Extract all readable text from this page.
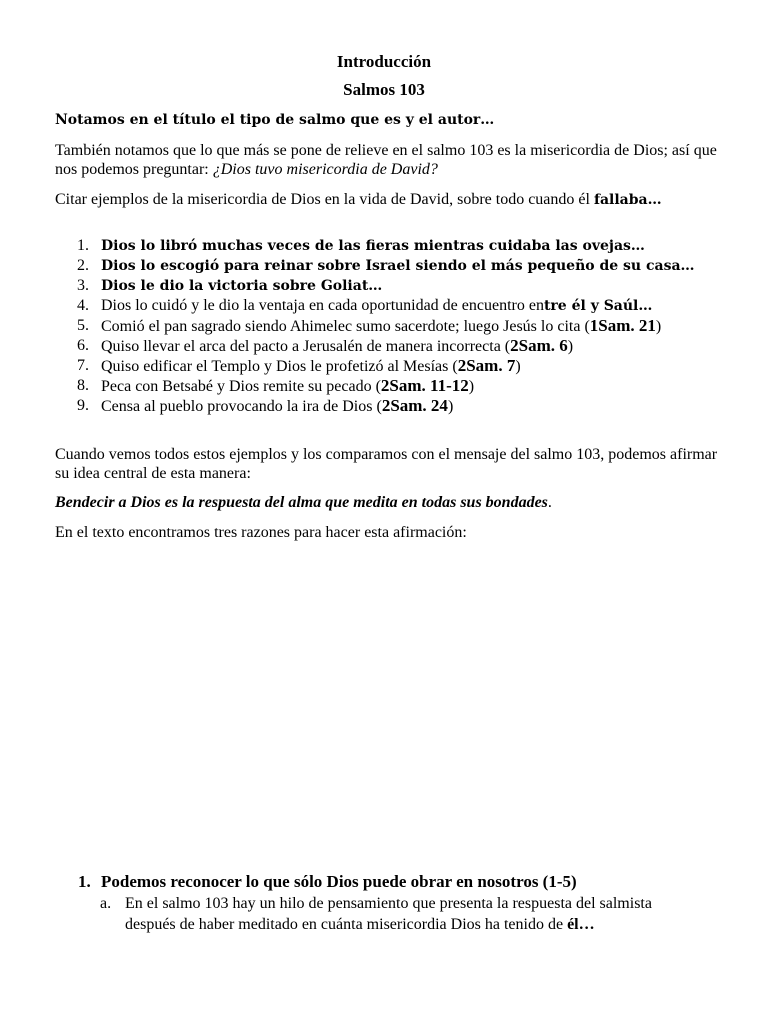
Introducción
Salmos 103
Notamos en el título el tipo de salmo que es y el autor…
También notamos que lo que más se pone de relieve en el salmo 103 es la misericordia de Dios; así que nos podemos preguntar: ¿Dios tuvo misericordia de David?
Citar ejemplos de la misericordia de Dios en la vida de David, sobre todo cuando él fallaba…
1. Dios lo libró muchas veces de las fieras mientras cuidaba las ovejas…
2. Dios lo escogió para reinar sobre Israel siendo el más pequeño de su casa…
3. Dios le dio la victoria sobre Goliat…
4. Dios lo cuidó y le dio la ventaja en cada oportunidad de encuentro entre él y Saúl…
5. Comió el pan sagrado siendo Ahimelec sumo sacerdote; luego Jesús lo cita (1Sam. 21)
6. Quiso llevar el arca del pacto a Jerusalén de manera incorrecta (2Sam. 6)
7. Quiso edificar el Templo y Dios le profetizó al Mesías (2Sam. 7)
8. Peca con Betsabé y Dios remite su pecado (2Sam. 11-12)
9. Censa al pueblo provocando la ira de Dios (2Sam. 24)
Cuando vemos todos estos ejemplos y los comparamos con el mensaje del salmo 103, podemos afirmar su idea central de esta manera:
Bendecir a Dios es la respuesta del alma que medita en todas sus bondades.
En el texto encontramos tres razones para hacer esta afirmación:
1. Podemos reconocer lo que sólo Dios puede obrar en nosotros (1-5)
a. En el salmo 103 hay un hilo de pensamiento que presenta la respuesta del salmista después de haber meditado en cuánta misericordia Dios ha tenido de él…
